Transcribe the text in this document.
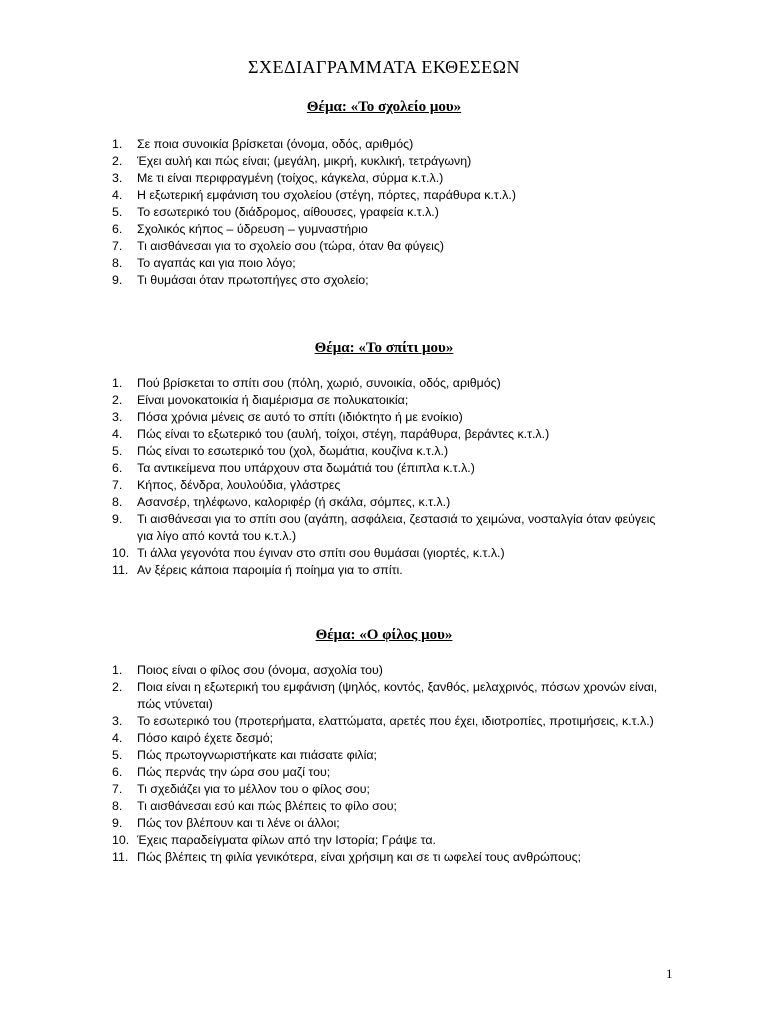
ΣΧΕΔΙΑΓΡΑΜΜΑΤΑ ΕΚΘΕΣΕΩΝ
Θέμα: «Το σχολείο μου»
1. Σε ποια συνοικία βρίσκεται (όνομα, οδός, αριθμός)
2. Έχει αυλή και πώς είναι; (μεγάλη, μικρή, κυκλική, τετράγωνη)
3. Με τι είναι περιφραγμένη (τοίχος, κάγκελα, σύρμα κ.τ.λ.)
4. Η εξωτερική εμφάνιση του σχολείου (στέγη, πόρτες, παράθυρα κ.τ.λ.)
5. Το εσωτερικό του (διάδρομος, αίθουσες, γραφεία κ.τ.λ.)
6. Σχολικός κήπος – ύδρευση – γυμναστήριο
7. Τι αισθάνεσαι για το σχολείο σου (τώρα, όταν θα φύγεις)
8. Το αγαπάς και για ποιο λόγο;
9. Τι θυμάσαι όταν πρωτοπήγες στο σχολείο;
Θέμα: «Το σπίτι μου»
1. Πού βρίσκεται το σπίτι σου (πόλη, χωριό, συνοικία, οδός, αριθμός)
2. Είναι μονοκατοικία ή διαμέρισμα σε πολυκατοικία;
3. Πόσα χρόνια μένεις σε αυτό το σπίτι (ιδιόκτητο ή με ενοίκιο)
4. Πώς είναι το εξωτερικό του (αυλή, τοίχοι, στέγη, παράθυρα, βεράντες κ.τ.λ.)
5. Πώς είναι το εσωτερικό του (χολ, δωμάτια, κουζίνα κ.τ.λ.)
6. Τα αντικείμενα που υπάρχουν στα δωμάτιά του (έπιπλα κ.τ.λ.)
7. Κήπος, δένδρα, λουλούδια, γλάστρες
8. Ασανσέρ, τηλέφωνο, καλοριφέρ (ή σκάλα, σόμπες, κ.τ.λ.)
9. Τι αισθάνεσαι για το σπίτι σου (αγάπη, ασφάλεια, ζεστασιά το χειμώνα, νοσταλγία όταν φεύγεις για λίγο από κοντά του κ.τ.λ.)
10. Τι άλλα γεγονότα που έγιναν στο σπίτι σου θυμάσαι (γιορτές, κ.τ.λ.)
11. Αν ξέρεις κάποια παροιμία ή ποίημα για το σπίτι.
Θέμα: «Ο φίλος μου»
1. Ποιος είναι ο φίλος σου (όνομα, ασχολία του)
2. Ποια είναι η εξωτερική του εμφάνιση (ψηλός, κοντός, ξανθός, μελαχρινός, πόσων χρονών είναι, πώς ντύνεται)
3. Το εσωτερικό του (προτερήματα, ελαττώματα, αρετές που έχει, ιδιοτροπίες, προτιμήσεις, κ.τ.λ.)
4. Πόσο καιρό έχετε δεσμό;
5. Πώς πρωτογνωριστήκατε και πιάσατε φιλία;
6. Πώς περνάς την ώρα σου μαζί του;
7. Τι σχεδιάζει για το μέλλον του ο φίλος σου;
8. Τι αισθάνεσαι εσύ και πώς βλέπεις το φίλο σου;
9. Πώς τον βλέπουν και τι λένε οι άλλοι;
10. Έχεις παραδείγματα φίλων από την Ιστορία; Γράψε τα.
11. Πώς βλέπεις τη φιλία γενικότερα, είναι χρήσιμη και σε τι ωφελεί τους ανθρώπους;
1
